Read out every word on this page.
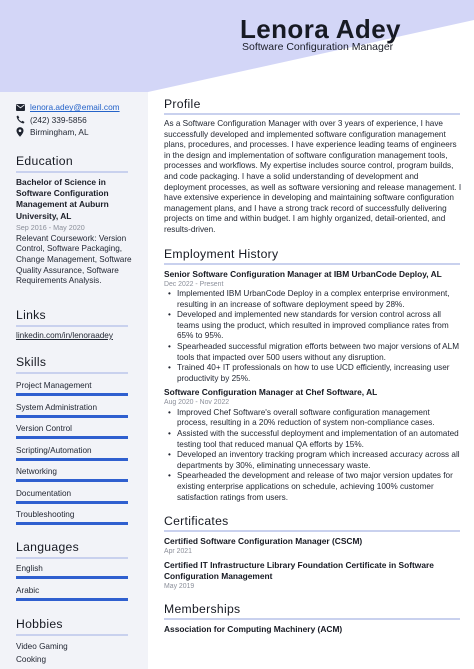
Lenora Adey
Software Configuration Manager
lenora.adey@email.com
(242) 339-5856
Birmingham, AL
Education
Bachelor of Science in Software Configuration Management at Auburn University, AL
Sep 2016 - May 2020
Relevant Coursework: Version Control, Software Packaging, Change Management, Software Quality Assurance, Software Requirements Analysis.
Links
linkedin.com/in/lenoraadey
Skills
Project Management
System Administration
Version Control
Scripting/Automation
Networking
Documentation
Troubleshooting
Languages
English
Arabic
Hobbies
Video Gaming
Cooking
Profile
As a Software Configuration Manager with over 3 years of experience, I have successfully developed and implemented software configuration management plans, procedures, and processes. I have experience leading teams of engineers in the design and implementation of software configuration management tools, processes and workflows. My expertise includes source control, program builds, and code packaging. I have a solid understanding of development and deployment processes, as well as software versioning and release management. I have extensive experience in developing and maintaining software configuration management plans, and I have a strong track record of successfully delivering projects on time and within budget. I am highly organized, detail-oriented, and results-driven.
Employment History
Senior Software Configuration Manager at IBM UrbanCode Deploy, AL
Dec 2022 - Present
• Implemented IBM UrbanCode Deploy in a complex enterprise environment, resulting in an increase of software deployment speed by 28%.
• Developed and implemented new standards for version control across all teams using the product, which resulted in improved compliance rates from 65% to 95%.
• Spearheaded successful migration efforts between two major versions of ALM tools that impacted over 500 users without any disruption.
• Trained 40+ IT professionals on how to use UCD efficiently, increasing user productivity by 25%.
Software Configuration Manager at Chef Software, AL
Aug 2020 - Nov 2022
• Improved Chef Software's overall software configuration management process, resulting in a 20% reduction of system non-compliance cases.
• Assisted with the successful deployment and implementation of an automated testing tool that reduced manual QA efforts by 15%.
• Developed an inventory tracking program which increased accuracy across all departments by 30%, eliminating unnecessary waste.
• Spearheaded the development and release of two major version updates for existing enterprise applications on schedule, achieving 100% customer satisfaction ratings from users.
Certificates
Certified Software Configuration Manager (CSCM)
Apr 2021
Certified IT Infrastructure Library Foundation Certificate in Software Configuration Management
May 2019
Memberships
Association for Computing Machinery (ACM)
